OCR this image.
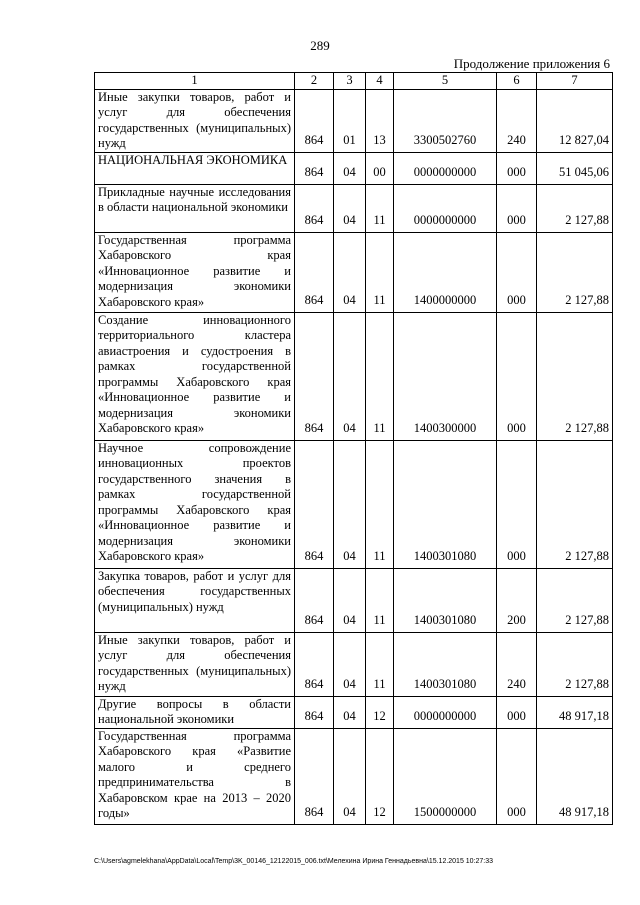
289
Продолжение приложения 6
1	2	3	4	5	6	7
Иные закупки товаров, работ и услуг для обеспечения государственных (муниципальных) нужд	864	01	13	3300502760	240	12 827,04
НАЦИОНАЛЬНАЯ ЭКОНОМИКА	864	04	00	0000000000	000	51 045,06
Прикладные научные исследования в области национальной экономики	864	04	11	0000000000	000	2 127,88
Государственная программа Хабаровского края «Инновационное развитие и модернизация экономики Хабаровского края»	864	04	11	1400000000	000	2 127,88
Создание инновационного территориального кластера авиастроения и судостроения в рамках государственной программы Хабаровского края «Инновационное развитие и модернизация экономики Хабаровского края»	864	04	11	1400300000	000	2 127,88
Научное сопровождение инновационных проектов государственного значения в рамках государственной программы Хабаровского края «Инновационное развитие и модернизация экономики Хабаровского края»	864	04	11	1400301080	000	2 127,88
Закупка товаров, работ и услуг для обеспечения государственных (муниципальных) нужд	864	04	11	1400301080	200	2 127,88
Иные закупки товаров, работ и услуг для обеспечения государственных (муниципальных) нужд	864	04	11	1400301080	240	2 127,88
Другие вопросы в области национальной экономики	864	04	12	0000000000	000	48 917,18
Государственная программа Хабаровского края «Развитие малого и среднего предпринимательства в Хабаровском крае на 2013 – 2020 годы»	864	04	12	1500000000	000	48 917,18
C:\Users\agmelekhana\AppData\Local\Temp\3K_00146_12122015_006.txt\Мелехина Ирина Геннадьевна\15.12.2015 10:27:33
